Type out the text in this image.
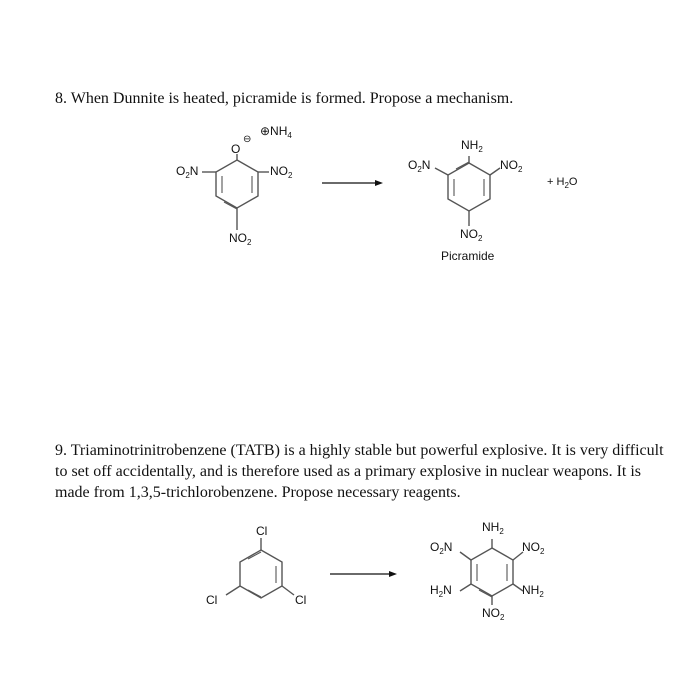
8. When Dunnite is heated, picramide is formed. Propose a mechanism.
9. Triaminotrinitrobenzene (TATB) is a highly stable but powerful explosive. It is very difficult
to set off accidentally, and is therefore used as a primary explosive in nuclear weapons. It is
made from 1,3,5-trichlorobenzene. Propose necessary reagents.
O
⊖
$\oplus NH_4$
$O_2N$	$NO_2$
$NO_2$
$NH_2$
$O_2N$	$NO_2$
$NO_2$
Picramide
+ $H_2O$
Cl
Cl	Cl
$NH_2$
$O_2N$	$NO_2$
$H_2N$	$NH_2$
$NO_2$
